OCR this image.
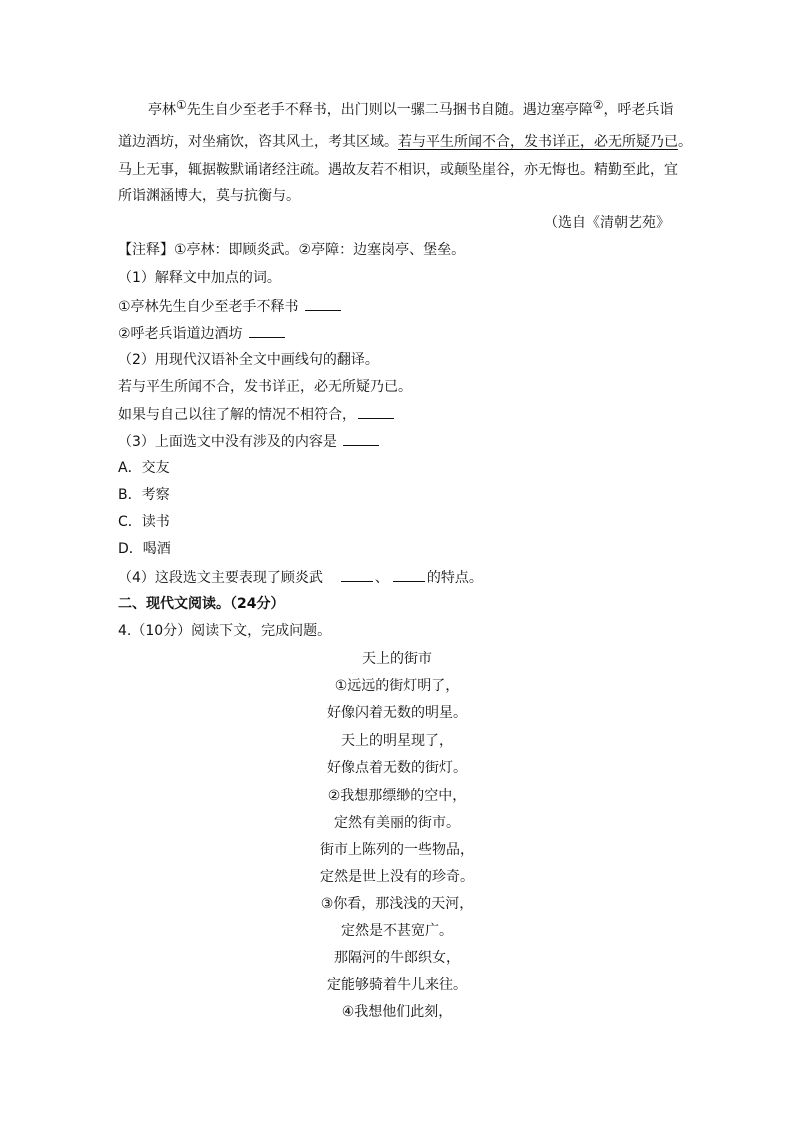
亭林①先生自少至老手不释书，出门则以一骡二马捆书自随。遇边塞亭障②，呼老兵诣
道边酒坊，对坐痛饮，咨其风土，考其区域。若与平生所闻不合，发书详正，必无所疑乃已。
马上无事，辄据鞍默诵诸经注疏。遇故友若不相识，或颠坠崖谷，亦无悔也。精勤至此，宜
所诣渊涵博大，莫与抗衡与。
（选自《清朝艺苑》
【注释】①亭林：即顾炎武。②亭障：边塞岗亭、堡垒。
（1）解释文中加点的词。
①亭林先生自少至老手不释书
②呼老兵诣道边酒坊
（2）用现代汉语补全文中画线句的翻译。
若与平生所闻不合，发书详正，必无所疑乃已。
如果与自己以往了解的情况不相符合，
（3）上面选文中没有涉及的内容是
A．交友
B．考察
C．读书
D．喝酒
（4）这段选文主要表现了顾炎武	、	的特点。
二、现代文阅读。（24分）
4.（10分）阅读下文，完成问题。
天上的街市
①远远的街灯明了，
好像闪着无数的明星。
天上的明星现了，
好像点着无数的街灯。
②我想那缥缈的空中，
定然有美丽的街市。
街市上陈列的一些物品，
定然是世上没有的珍奇。
③你看，那浅浅的天河，
定然是不甚宽广。
那隔河的牛郎织女，
定能够骑着牛儿来往。
④我想他们此刻，
